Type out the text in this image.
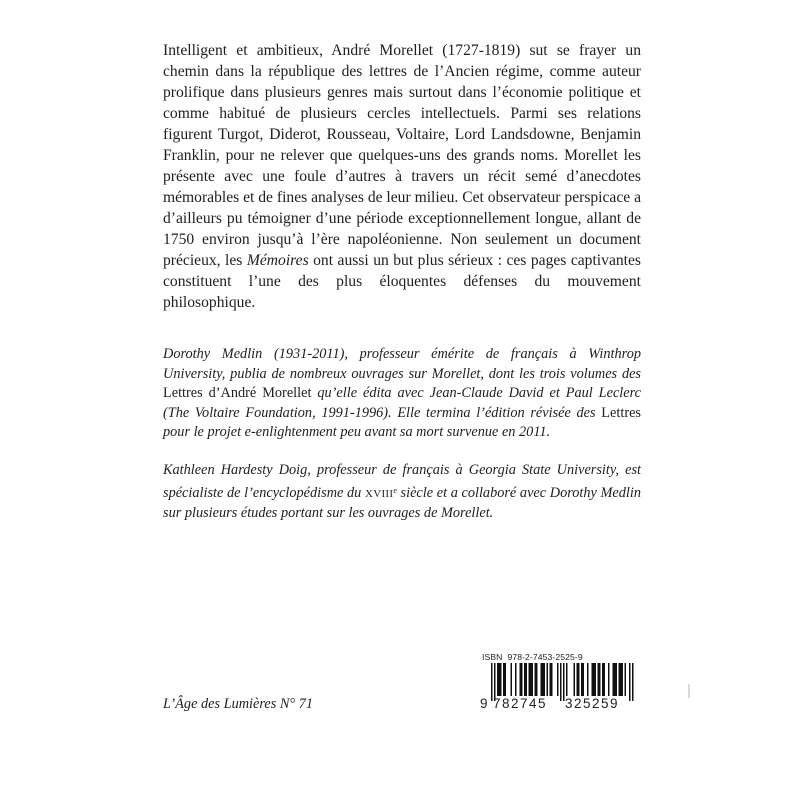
Intelligent et ambitieux, André Morellet (1727-1819) sut se frayer un chemin dans la république des lettres de l’Ancien régime, comme auteur prolifique dans plusieurs genres mais surtout dans l’économie politique et comme habitué de plusieurs cercles intellectuels. Parmi ses relations figurent Turgot, Diderot, Rousseau, Voltaire, Lord Landsdowne, Benjamin Franklin, pour ne relever que quelques-uns des grands noms. Morellet les présente avec une foule d’autres à travers un récit semé d’anecdotes mémorables et de fines analyses de leur milieu. Cet observateur perspicace a d’ailleurs pu témoigner d’une période exceptionnellement longue, allant de 1750 environ jusqu’à l’ère napoléonienne. Non seulement un document précieux, les Mémoires ont aussi un but plus sérieux : ces pages captivantes constituent l’une des plus éloquentes défenses du mouvement philosophique.

Dorothy Medlin (1931-2011), professeur émérite de français à Winthrop University, publia de nombreux ouvrages sur Morellet, dont les trois volumes des Lettres d’André Morellet qu’elle édita avec Jean-Claude David et Paul Leclerc (The Voltaire Foundation, 1991-1996). Elle termina l’édition révisée des Lettres pour le projet e-enlightenment peu avant sa mort survenue en 2011.

Kathleen Hardesty Doig, professeur de français à Georgia State University, est spécialiste de l’encyclopédisme du XVIIIe siècle et a collaboré avec Dorothy Medlin sur plusieurs études portant sur les ouvrages de Morellet.

L’Âge des Lumières N° 71

ISBN 978-2-7453-2525-9
9 782745 325259
